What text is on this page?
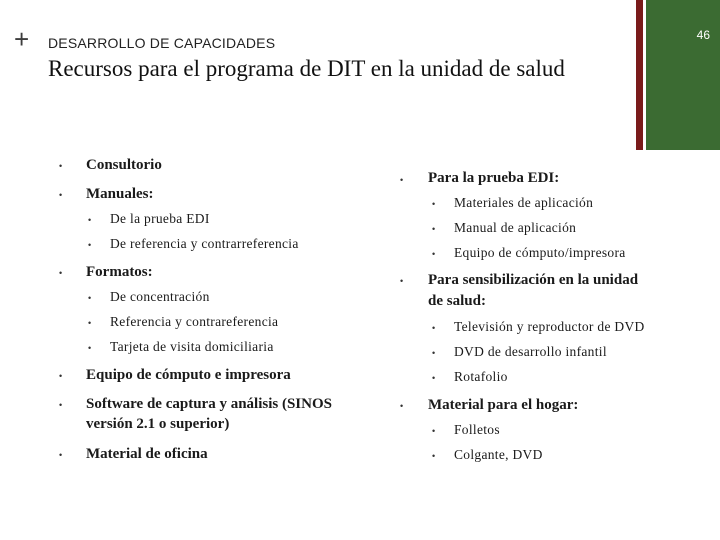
+ DESARROLLO DE CAPACIDADES
Recursos para el programa de DIT en la unidad de salud
46
• Consultorio
• Manuales:
• De la prueba EDI
• De referencia y contrarreferencia
• Formatos:
• De concentración
• Referencia y contrareferencia
• Tarjeta de visita domiciliaria
• Equipo de cómputo e impresora
• Software de captura y análisis (SINOS
versión 2.1 o superior)
• Material de oficina
• Para la prueba EDI:
• Materiales de aplicación
• Manual de aplicación
• Equipo de cómputo/impresora
• Para sensibilización en la unidad
de salud:
• Televisión y reproductor de DVD
• DVD de desarrollo infantil
• Rotafolio
• Material para el hogar:
• Folletos
• Colgante, DVD
